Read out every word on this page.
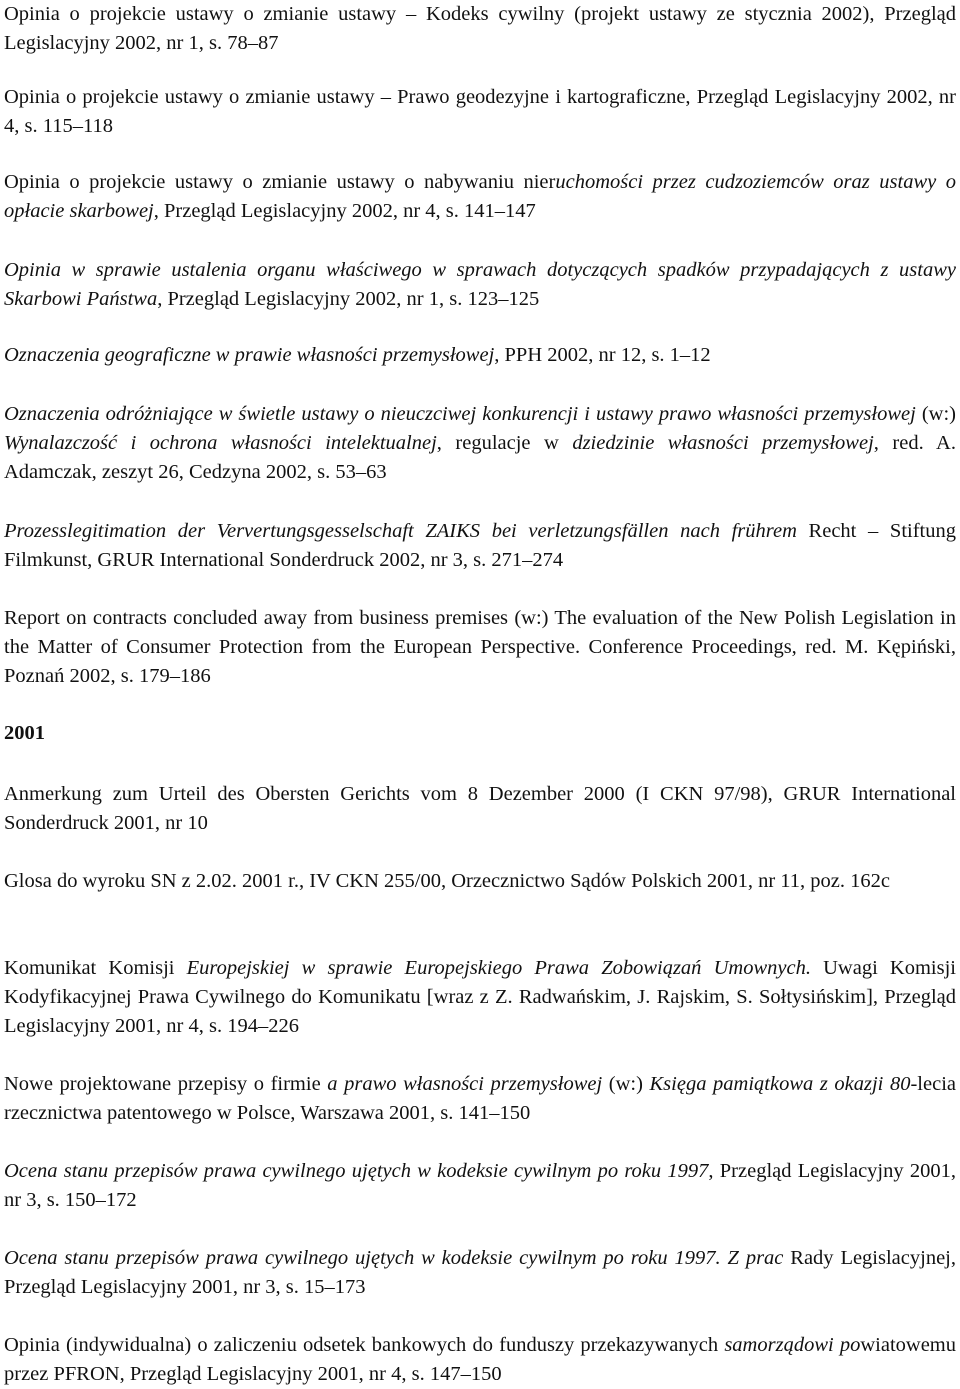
Opinia o projekcie ustawy o zmianie ustawy – Kodeks cywilny (projekt ustawy ze stycznia 2002), Przegląd Legislacyjny 2002, nr 1, s. 78–87

Opinia o projekcie ustawy o zmianie ustawy – Prawo geodezyjne i kartograficzne, Przegląd Legislacyjny 2002, nr 4, s. 115–118

Opinia o projekcie ustawy o zmianie ustawy o nabywaniu nieruchomości przez cudzoziemców oraz ustawy o opłacie skarbowej, Przegląd Legislacyjny 2002, nr 4, s. 141–147

Opinia w sprawie ustalenia organu właściwego w sprawach dotyczących spadków przypadających z ustawy Skarbowi Państwa, Przegląd Legislacyjny 2002, nr 1, s. 123–125

Oznaczenia geograficzne w prawie własności przemysłowej, PPH 2002, nr 12, s. 1–12

Oznaczenia odróżniające w świetle ustawy o nieuczciwej konkurencji i ustawy prawo własności przemysłowej (w:) Wynalazczość i ochrona własności intelektualnej, regulacje w dziedzinie własności przemysłowej, red. A. Adamczak, zeszyt 26, Cedzyna 2002, s. 53–63

Prozesslegitimation der Ververtungsgesselschaft ZAIKS bei verletzungsfällen nach frührem Recht – Stiftung Filmkunst, GRUR International Sonderdruck 2002, nr 3, s. 271–274

Report on contracts concluded away from business premises (w:) The evaluation of the New Polish Legislation in the Matter of Consumer Protection from the European Perspective. Conference Proceedings, red. M. Kępiński, Poznań 2002, s. 179–186

2001

Anmerkung zum Urteil des Obersten Gerichts vom 8 Dezember 2000 (I CKN 97/98), GRUR International Sonderdruck 2001, nr 10

Glosa do wyroku SN z 2.02. 2001 r., IV CKN 255/00, Orzecznictwo Sądów Polskich 2001, nr 11, poz. 162c

Komunikat Komisji Europejskiej w sprawie Europejskiego Prawa Zobowiązań Umownych. Uwagi Komisji Kodyfikacyjnej Prawa Cywilnego do Komunikatu [wraz z Z. Radwańskim, J. Rajskim, S. Sołtysińskim], Przegląd Legislacyjny 2001, nr 4, s. 194–226

Nowe projektowane przepisy o firmie a prawo własności przemysłowej (w:) Księga pamiątkowa z okazji 80-lecia rzecznictwa patentowego w Polsce, Warszawa 2001, s. 141–150

Ocena stanu przepisów prawa cywilnego ujętych w kodeksie cywilnym po roku 1997, Przegląd Legislacyjny 2001, nr 3, s. 150–172

Ocena stanu przepisów prawa cywilnego ujętych w kodeksie cywilnym po roku 1997. Z prac Rady Legislacyjnej, Przegląd Legislacyjny 2001, nr 3, s. 15–173

Opinia (indywidualna) o zaliczeniu odsetek bankowych do funduszy przekazywanych samorządowi powiatowemu przez PFRON, Przegląd Legislacyjny 2001, nr 4, s. 147–150
